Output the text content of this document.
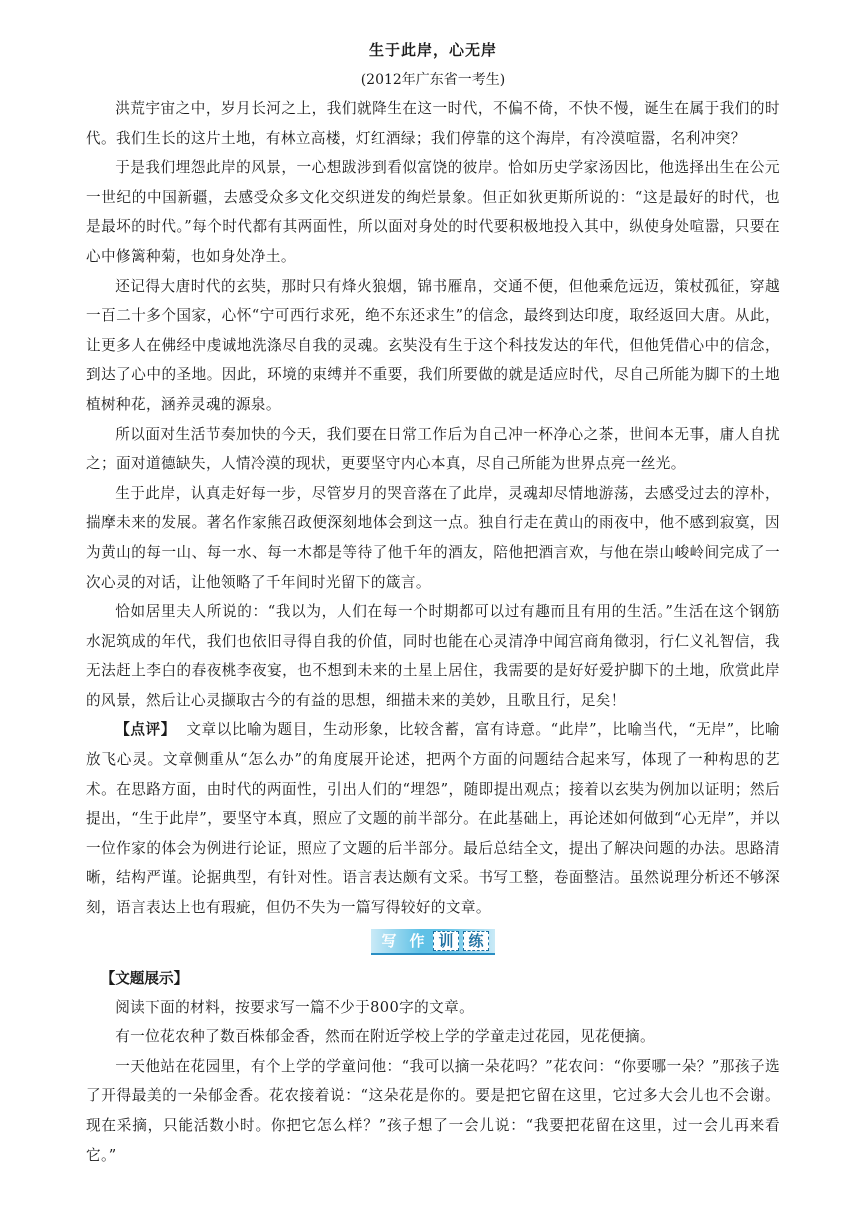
生于此岸，心无岸
(2012年广东省一考生)

洪荒宇宙之中，岁月长河之上，我们就降生在这一时代，不偏不倚，不快不慢，诞生在属于我们的时代。我们生长的这片土地，有林立高楼，灯红酒绿；我们停靠的这个海岸，有冷漠喧嚣，名利冲突？

于是我们埋怨此岸的风景，一心想跋涉到看似富饶的彼岸。恰如历史学家汤因比，他选择出生在公元一世纪的中国新疆，去感受众多文化交织迸发的绚烂景象。但正如狄更斯所说的：“这是最好的时代，也是最坏的时代。”每个时代都有其两面性，所以面对身处的时代要积极地投入其中，纵使身处喧嚣，只要在心中修篱种菊，也如身处净土。

还记得大唐时代的玄奘，那时只有烽火狼烟，锦书雁帛，交通不便，但他乘危远迈，策杖孤征，穿越一百二十多个国家，心怀“宁可西行求死，绝不东还求生”的信念，最终到达印度，取经返回大唐。从此，让更多人在佛经中虔诚地洗涤尽自我的灵魂。玄奘没有生于这个科技发达的年代，但他凭借心中的信念，到达了心中的圣地。因此，环境的束缚并不重要，我们所要做的就是适应时代，尽自己所能为脚下的土地植树种花，涵养灵魂的源泉。

所以面对生活节奏加快的今天，我们要在日常工作后为自己冲一杯净心之茶，世间本无事，庸人自扰之；面对道德缺失，人情冷漠的现状，更要坚守内心本真，尽自己所能为世界点亮一丝光。

生于此岸，认真走好每一步，尽管岁月的哭音落在了此岸，灵魂却尽情地游荡，去感受过去的淳朴，揣摩未来的发展。著名作家熊召政便深刻地体会到这一点。独自行走在黄山的雨夜中，他不感到寂寞，因为黄山的每一山、每一水、每一木都是等待了他千年的酒友，陪他把酒言欢，与他在崇山峻岭间完成了一次心灵的对话，让他领略了千年间时光留下的箴言。

恰如居里夫人所说的：“我以为，人们在每一个时期都可以过有趣而且有用的生活。”生活在这个钢筋水泥筑成的年代，我们也依旧寻得自我的价值，同时也能在心灵清净中闻宫商角徵羽，行仁义礼智信，我无法赶上李白的春夜桃李夜宴，也不想到未来的土星上居住，我需要的是好好爱护脚下的土地，欣赏此岸的风景，然后让心灵撷取古今的有益的思想，细描未来的美妙，且歌且行，足矣！

【点评】 文章以比喻为题目，生动形象，比较含蓄，富有诗意。“此岸”，比喻当代，“无岸”，比喻放飞心灵。文章侧重从“怎么办”的角度展开论述，把两个方面的问题结合起来写，体现了一种构思的艺术。在思路方面，由时代的两面性，引出人们的“埋怨”，随即提出观点；接着以玄奘为例加以证明；然后提出，“生于此岸”，要坚守本真，照应了文题的前半部分。在此基础上，再论述如何做到“心无岸”，并以一位作家的体会为例进行论证，照应了文题的后半部分。最后总结全文，提出了解决问题的办法。思路清晰，结构严谨。论据典型，有针对性。语言表达颇有文采。书写工整，卷面整洁。虽然说理分析还不够深刻，语言表达上也有瑕疵，但仍不失为一篇写得较好的文章。

写 作 训 练
【文题展示】

阅读下面的材料，按要求写一篇不少于800字的文章。

有一位花农种了数百株郁金香，然而在附近学校上学的学童走过花园，见花便摘。

一天他站在花园里，有个上学的学童问他：“我可以摘一朵花吗？”花农问：“你要哪一朵？”那孩子选了开得最美的一朵郁金香。花农接着说：“这朵花是你的。要是把它留在这里，它过多大会儿也不会谢。现在采摘，只能活数小时。你把它怎么样？”孩子想了一会儿说：“我要把花留在这里，过一会儿再来看它。”
